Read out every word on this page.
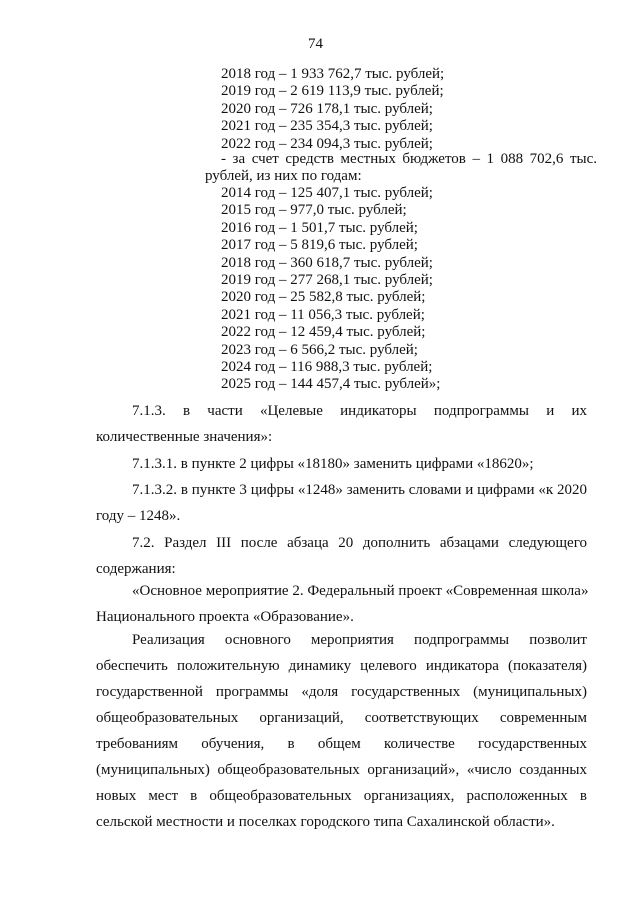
74
2018 год – 1 933 762,7 тыс. рублей;
2019 год – 2 619 113,9 тыс. рублей;
2020 год – 726 178,1 тыс. рублей;
2021 год – 235 354,3 тыс. рублей;
2022 год – 234 094,3 тыс. рублей;
- за счет средств местных бюджетов – 1 088 702,6 тыс.
рублей, из них по годам:
2014 год – 125 407,1 тыс. рублей;
2015 год – 977,0 тыс. рублей;
2016 год – 1 501,7 тыс. рублей;
2017 год – 5 819,6 тыс. рублей;
2018 год – 360 618,7 тыс. рублей;
2019 год – 277 268,1 тыс. рублей;
2020 год – 25 582,8 тыс. рублей;
2021 год – 11 056,3 тыс. рублей;
2022 год – 12 459,4 тыс. рублей;
2023 год – 6 566,2 тыс. рублей;
2024 год – 116 988,3 тыс. рублей;
2025 год – 144 457,4 тыс. рублей»;
7.1.3. в части «Целевые индикаторы подпрограммы и их
количественные значения»:
7.1.3.1. в пункте 2 цифры «18180» заменить цифрами «18620»;
7.1.3.2. в пункте 3 цифры «1248» заменить словами и цифрами «к 2020
году – 1248».
7.2. Раздел III после абзаца 20 дополнить абзацами следующего
содержания:
«Основное мероприятие 2. Федеральный проект «Современная школа»
Национального проекта «Образование».
Реализация основного мероприятия подпрограммы позволит
обеспечить положительную динамику целевого индикатора (показателя)
государственной программы «доля государственных (муниципальных)
общеобразовательных организаций, соответствующих современным
требованиям обучения, в общем количестве государственных
(муниципальных) общеобразовательных организаций», «число созданных
новых мест в общеобразовательных организациях, расположенных в
сельской местности и поселках городского типа Сахалинской области».
